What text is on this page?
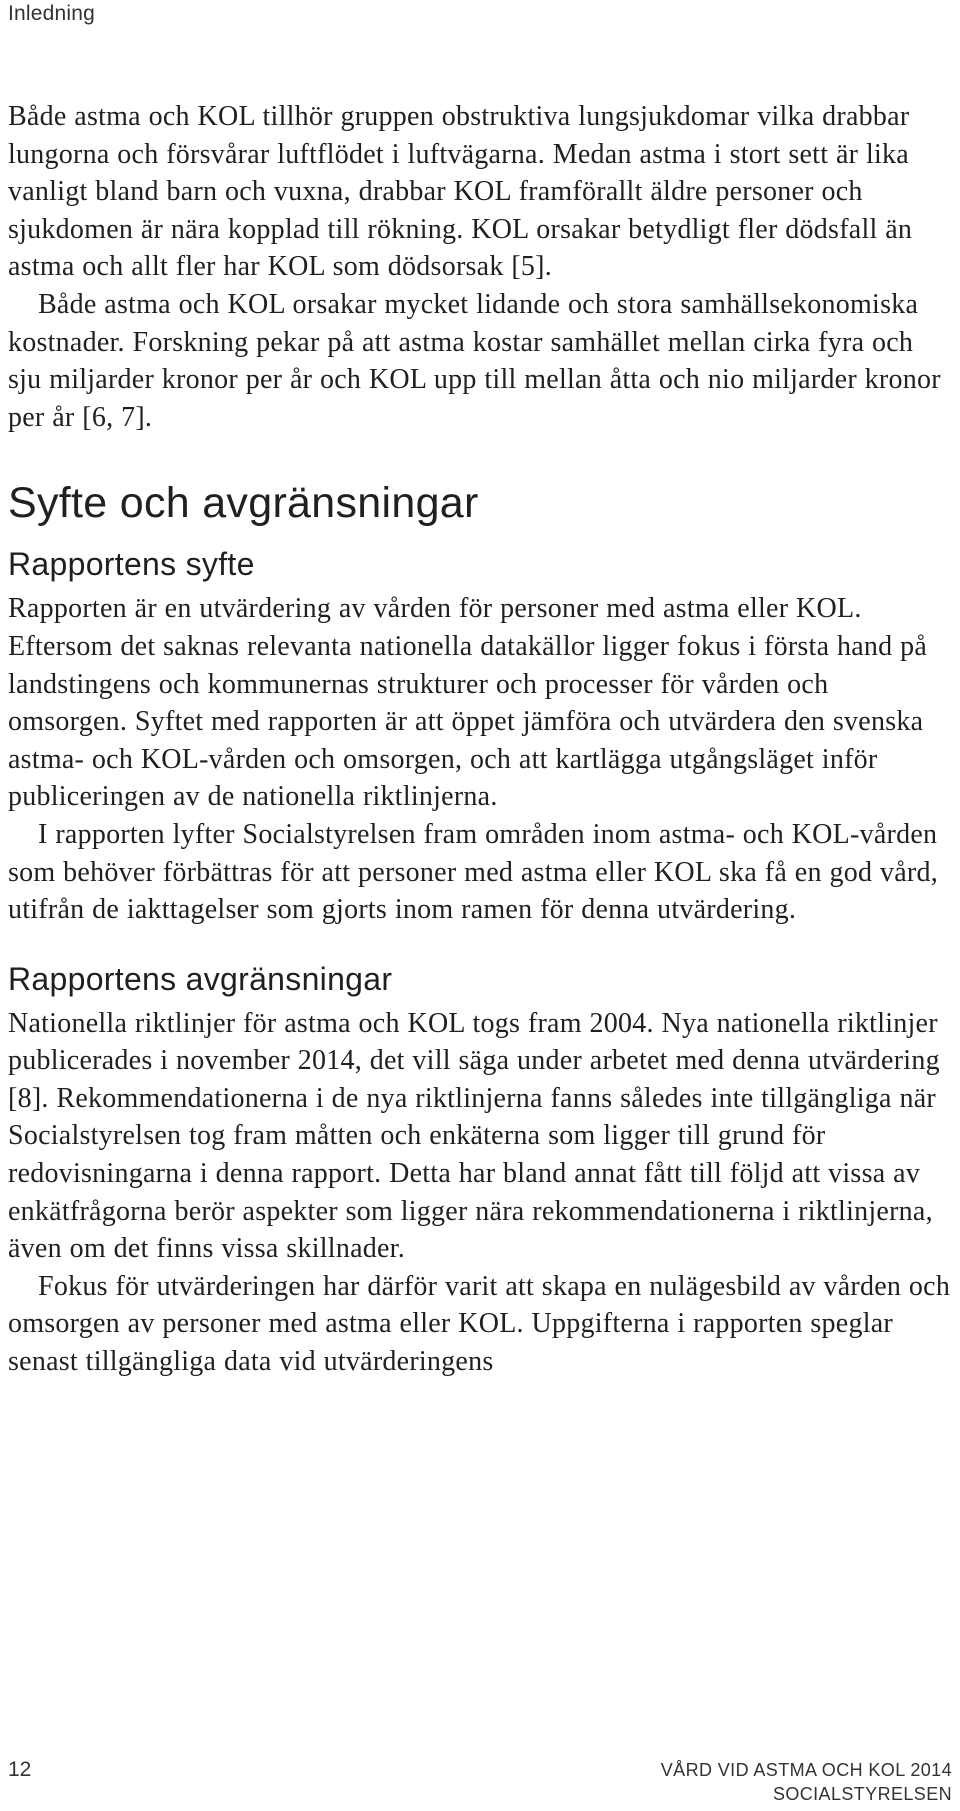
Inledning

Både astma och KOL tillhör gruppen obstruktiva lungsjukdomar vilka drabbar lungorna och försvårar luftflödet i luftvägarna. Medan astma i stort sett är lika vanligt bland barn och vuxna, drabbar KOL framförallt äldre personer och sjukdomen är nära kopplad till rökning. KOL orsakar betydligt fler dödsfall än astma och allt fler har KOL som dödsorsak [5].

Både astma och KOL orsakar mycket lidande och stora samhällsekonomiska kostnader. Forskning pekar på att astma kostar samhället mellan cirka fyra och sju miljarder kronor per år och KOL upp till mellan åtta och nio miljarder kronor per år [6, 7].

Syfte och avgränsningar
Rapportens syfte

Rapporten är en utvärdering av vården för personer med astma eller KOL. Eftersom det saknas relevanta nationella datakällor ligger fokus i första hand på landstingens och kommunernas strukturer och processer för vården och omsorgen. Syftet med rapporten är att öppet jämföra och utvärdera den svenska astma- och KOL-vården och omsorgen, och att kartlägga utgångsläget inför publiceringen av de nationella riktlinjerna.

I rapporten lyfter Socialstyrelsen fram områden inom astma- och KOL-vården som behöver förbättras för att personer med astma eller KOL ska få en god vård, utifrån de iakttagelser som gjorts inom ramen för denna utvärdering.

Rapportens avgränsningar

Nationella riktlinjer för astma och KOL togs fram 2004. Nya nationella riktlinjer publicerades i november 2014, det vill säga under arbetet med denna utvärdering [8]. Rekommendationerna i de nya riktlinjerna fanns således inte tillgängliga när Socialstyrelsen tog fram måtten och enkäterna som ligger till grund för redovisningarna i denna rapport. Detta har bland annat fått till följd att vissa av enkätfrågorna berör aspekter som ligger nära rekommendationerna i riktlinjerna, även om det finns vissa skillnader.

Fokus för utvärderingen har därför varit att skapa en nulägesbild av vården och omsorgen av personer med astma eller KOL. Uppgifterna i rapporten speglar senast tillgängliga data vid utvärderingens

12	VÅRD VID ASTMA OCH KOL 2014
SOCIALSTYRELSEN
